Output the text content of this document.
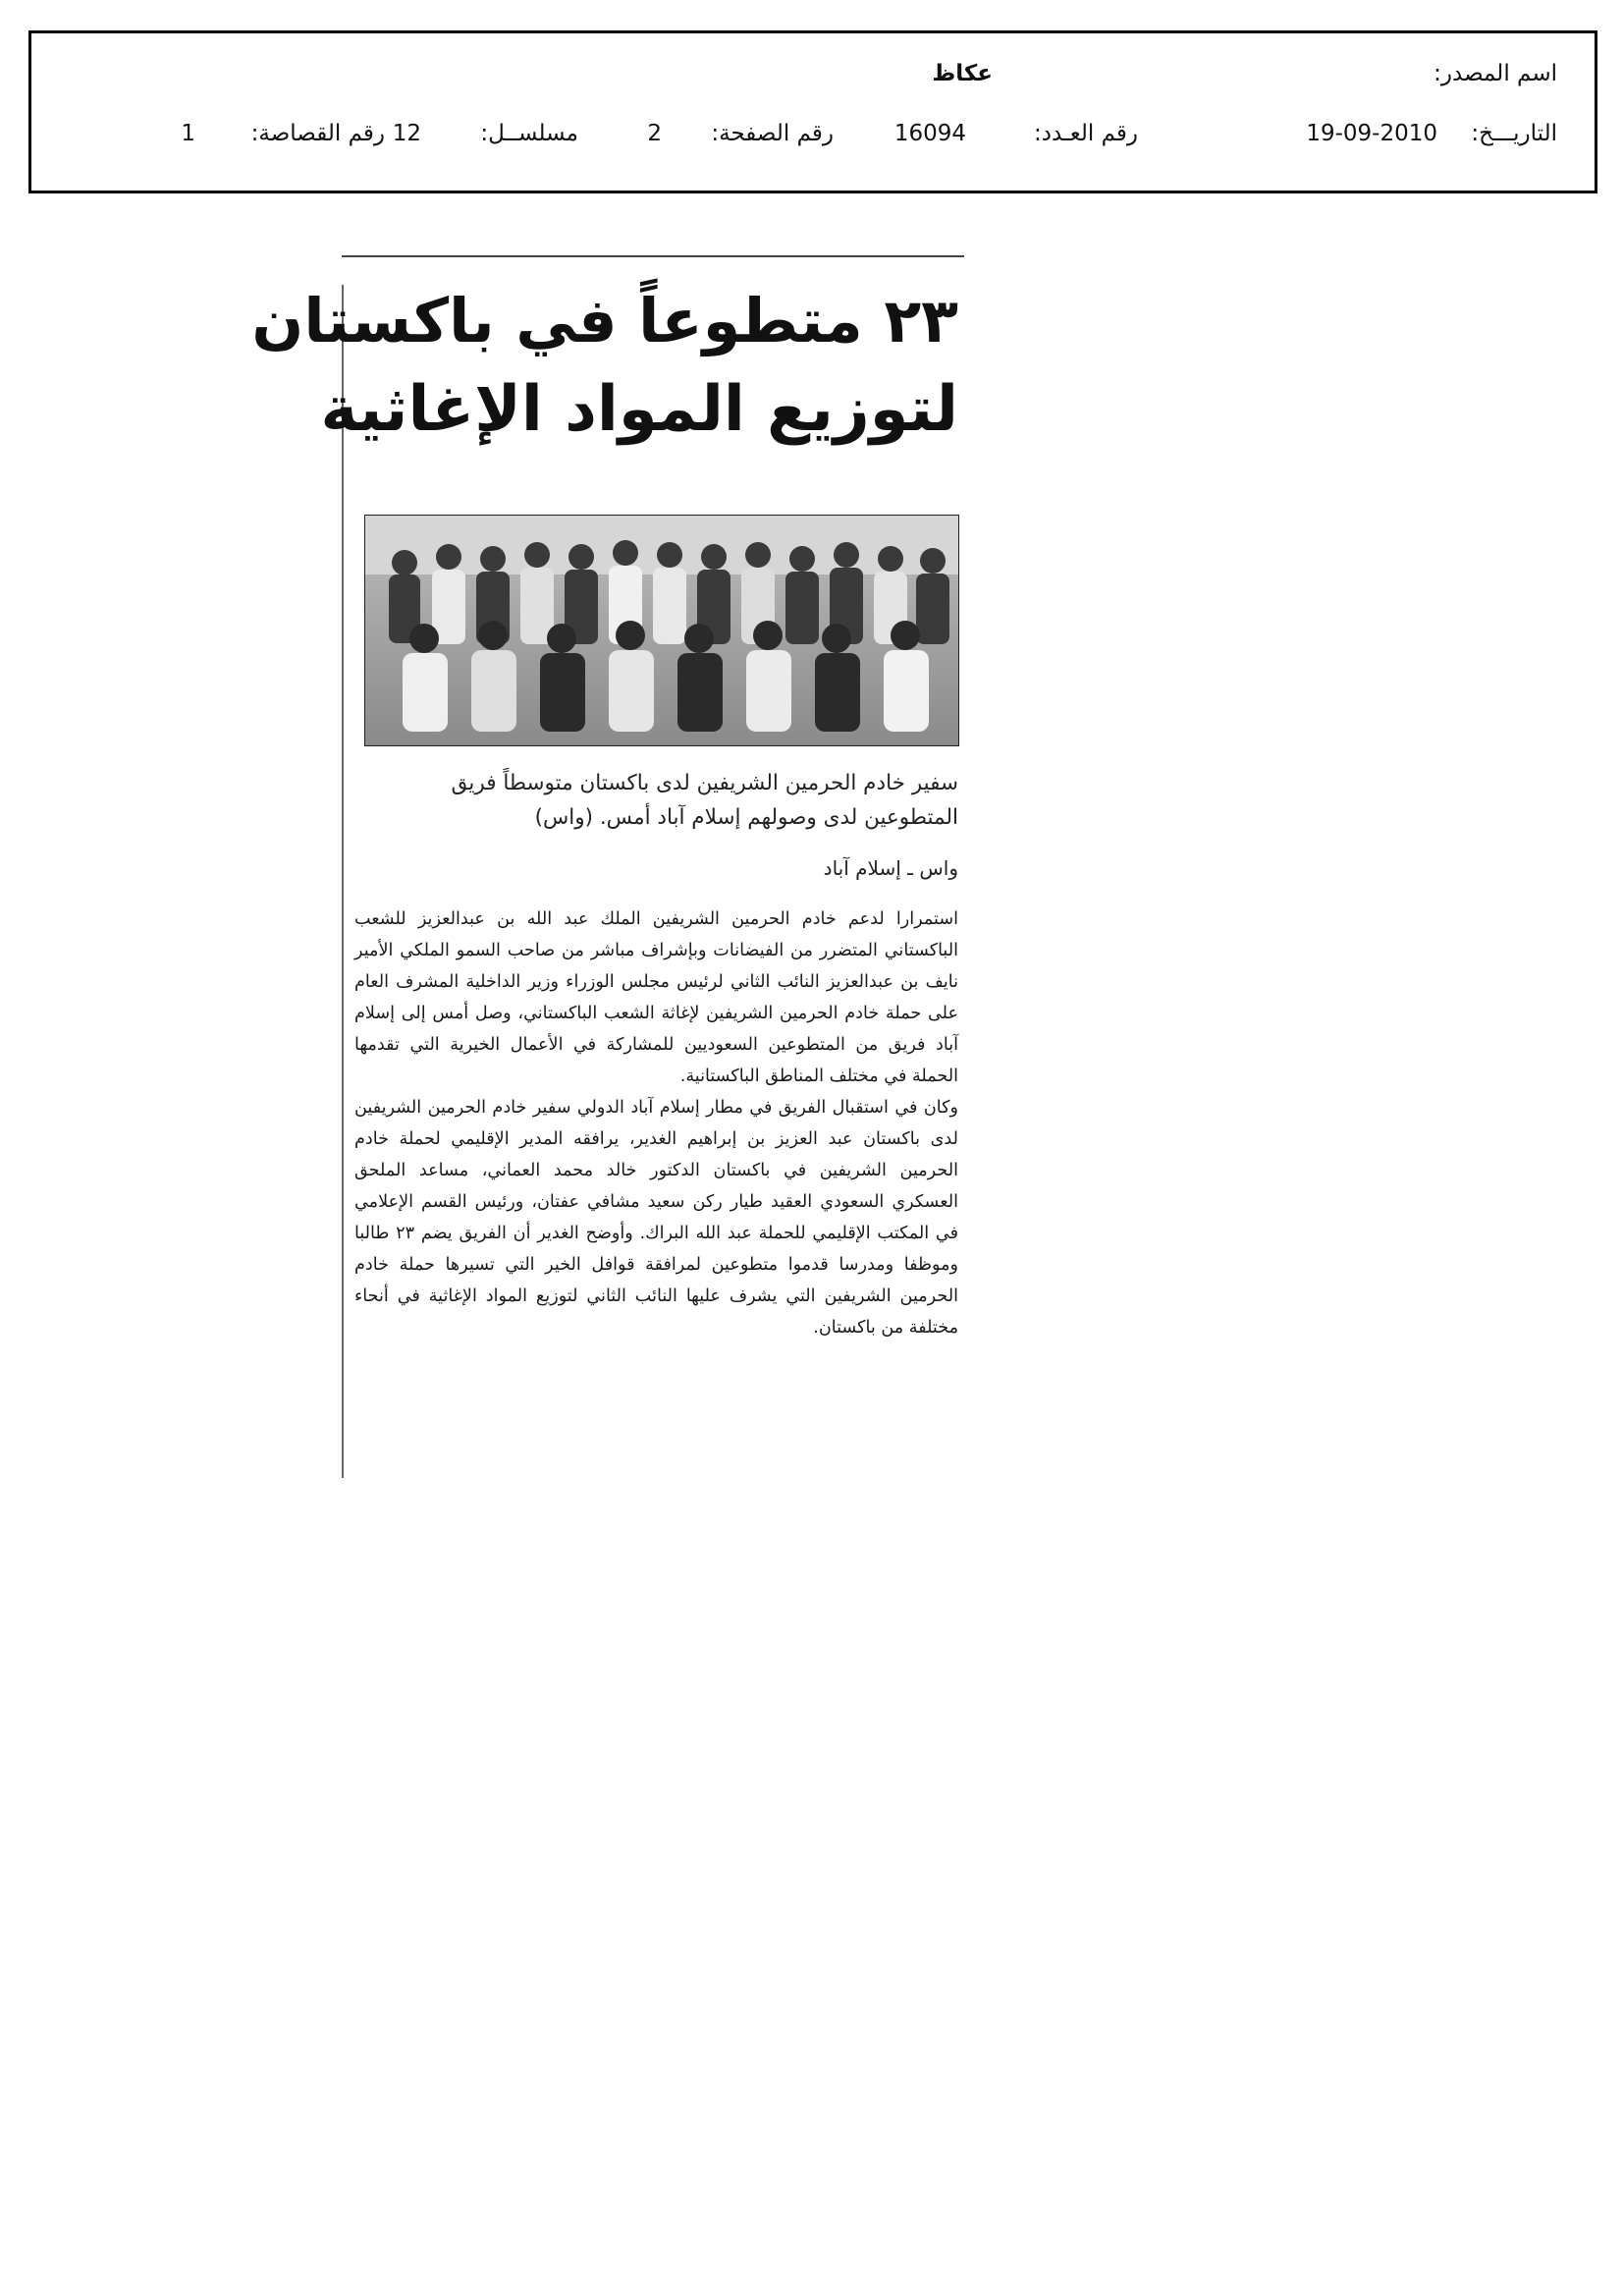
اسم المصدر:
عكاظ
التاريـــخ:
19-09-2010
رقم العـدد:
16094
رقم الصفحة:
2
مسلســل:
12
رقم القصاصة:
1
٢٣ متطوعاً في باكستان
لتوزيع المواد الإغاثية
سفير خادم الحرمين الشريفين لدى باكستان متوسطاً فريق
المتطوعين لدى وصولهم إسلام آباد أمس. (واس)
واس ـ إسلام آباد

استمرارا لدعم خادم الحرمين الشريفين الملك عبد الله بن عبدالعزيز للشعب الباكستاني المتضرر من الفيضانات وبإشراف مباشر من صاحب السمو الملكي الأمير نايف بن عبدالعزيز النائب الثاني لرئيس مجلس الوزراء وزير الداخلية المشرف العام على حملة خادم الحرمين الشريفين لإغاثة الشعب الباكستاني، وصل أمس إلى إسلام آباد فريق من المتطوعين السعوديين للمشاركة في الأعمال الخيرية التي تقدمها الحملة في مختلف المناطق الباكستانية.

وكان في استقبال الفريق في مطار إسلام آباد الدولي سفير خادم الحرمين الشريفين لدى باكستان عبد العزيز بن إبراهيم الغدير، يرافقه المدير الإقليمي لحملة خادم الحرمين الشريفين في باكستان الدكتور خالد محمد العماني، مساعد الملحق العسكري السعودي العقيد طيار ركن سعيد مشافي عفتان، ورئيس القسم الإعلامي في المكتب الإقليمي للحملة عبد الله البراك. وأوضح الغدير أن الفريق يضم ٢٣ طالبا وموظفا ومدرسا قدموا متطوعين لمرافقة قوافل الخير التي تسيرها حملة خادم الحرمين الشريفين التي يشرف عليها النائب الثاني لتوزيع المواد الإغاثية في أنحاء مختلفة من باكستان.
